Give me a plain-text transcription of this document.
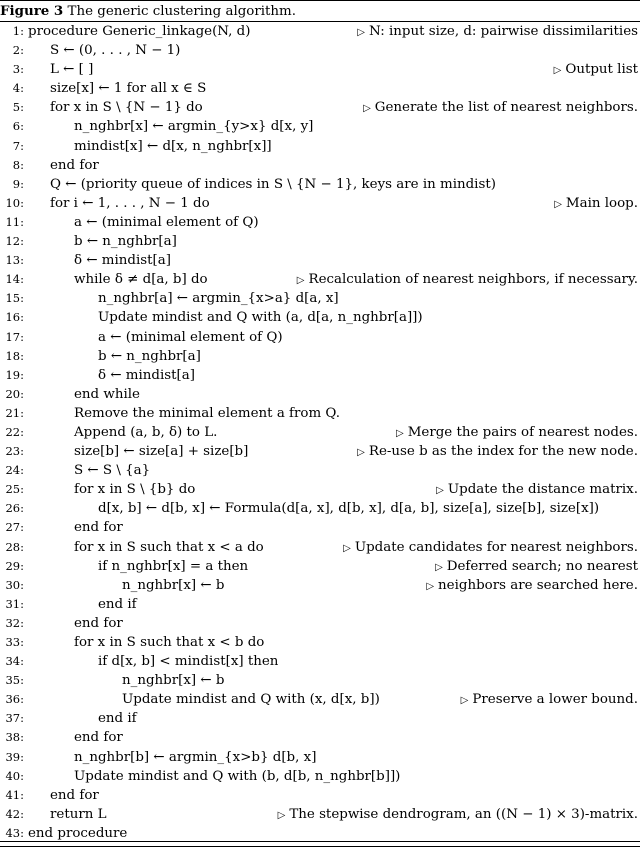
Figure 3 The generic clustering algorithm.
1: procedure Generic_linkage(N, d)	▷ N: input size, d: pairwise dissimilarities
2: S ← (0, . . . , N − 1)
3: L ← [ ]	▷ Output list
4: size[x] ← 1 for all x ∈ S
5: for x in S \ {N − 1} do	▷ Generate the list of nearest neighbors.
6:	n_nghbr[x] ← argmin_{y>x} d[x, y]
7:	mindist[x] ← d[x, n_nghbr[x]]
8: end for
9: Q ← (priority queue of indices in S \ {N − 1}, keys are in mindist)
10: for i ← 1, . . . , N − 1 do	▷ Main loop.
11:	a ← (minimal element of Q)
12:	b ← n_nghbr[a]
13:	δ ← mindist[a]
14:	while δ ≠ d[a, b] do	▷ Recalculation of nearest neighbors, if necessary.
15:	n_nghbr[a] ← argmin_{x>a} d[a, x]
16:	Update mindist and Q with (a, d[a, n_nghbr[a]])
17:	a ← (minimal element of Q)
18:	b ← n_nghbr[a]
19:	δ ← mindist[a]
20:	end while
21:	Remove the minimal element a from Q.
22:	Append (a, b, δ) to L.	▷ Merge the pairs of nearest nodes.
23:	size[b] ← size[a] + size[b]	▷ Re-use b as the index for the new node.
24:	S ← S \ {a}
25:	for x in S \ {b} do	▷ Update the distance matrix.
26:	d[x, b] ← d[b, x] ← Formula(d[a, x], d[b, x], d[a, b], size[a], size[b], size[x])
27:	end for
28:	for x in S such that x < a do	▷ Update candidates for nearest neighbors.
29:	if n_nghbr[x] = a then	▷ Deferred search; no nearest
30:	n_nghbr[x] ← b	▷ neighbors are searched here.
31:	end if
32:	end for
33:	for x in S such that x < b do
34:	if d[x, b] < mindist[x] then
35:	n_nghbr[x] ← b
36:	Update mindist and Q with (x, d[x, b])	▷ Preserve a lower bound.
37:	end if
38:	end for
39:	n_nghbr[b] ← argmin_{x>b} d[b, x]
40:	Update mindist and Q with (b, d[b, n_nghbr[b]])
41: end for
42: return L	▷ The stepwise dendrogram, an ((N − 1) × 3)-matrix.
43: end procedure
